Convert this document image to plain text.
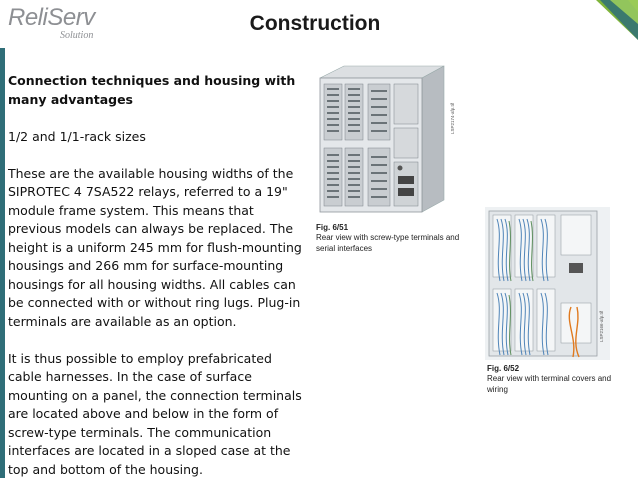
ReliServ
Solution
Construction

Connection techniques and housing with many advantages

1/2 and 1/1-rack sizes

These are the available housing widths of the SIPROTEC 4 7SA522 relays, referred to a 19" module frame system. This means that previous models can always be replaced. The height is a uniform 245 mm for flush-mounting housings and 266 mm for surface-mounting housings for all housing widths. All cables can be connected with or without ring lugs. Plug-in terminals are available as an option.

It is thus possible to employ prefabricated cable harnesses. In the case of surface mounting on a panel, the connection terminals are located above and below in the form of screw-type terminals. The communication interfaces are located in a sloped case at the top and bottom of the housing.

LSP2174-afp.tif
Fig. 6/51
Rear view with screw-type terminals and serial interfaces
LSP2166-afp.tif
Fig. 6/52
Rear view with terminal covers and wiring
